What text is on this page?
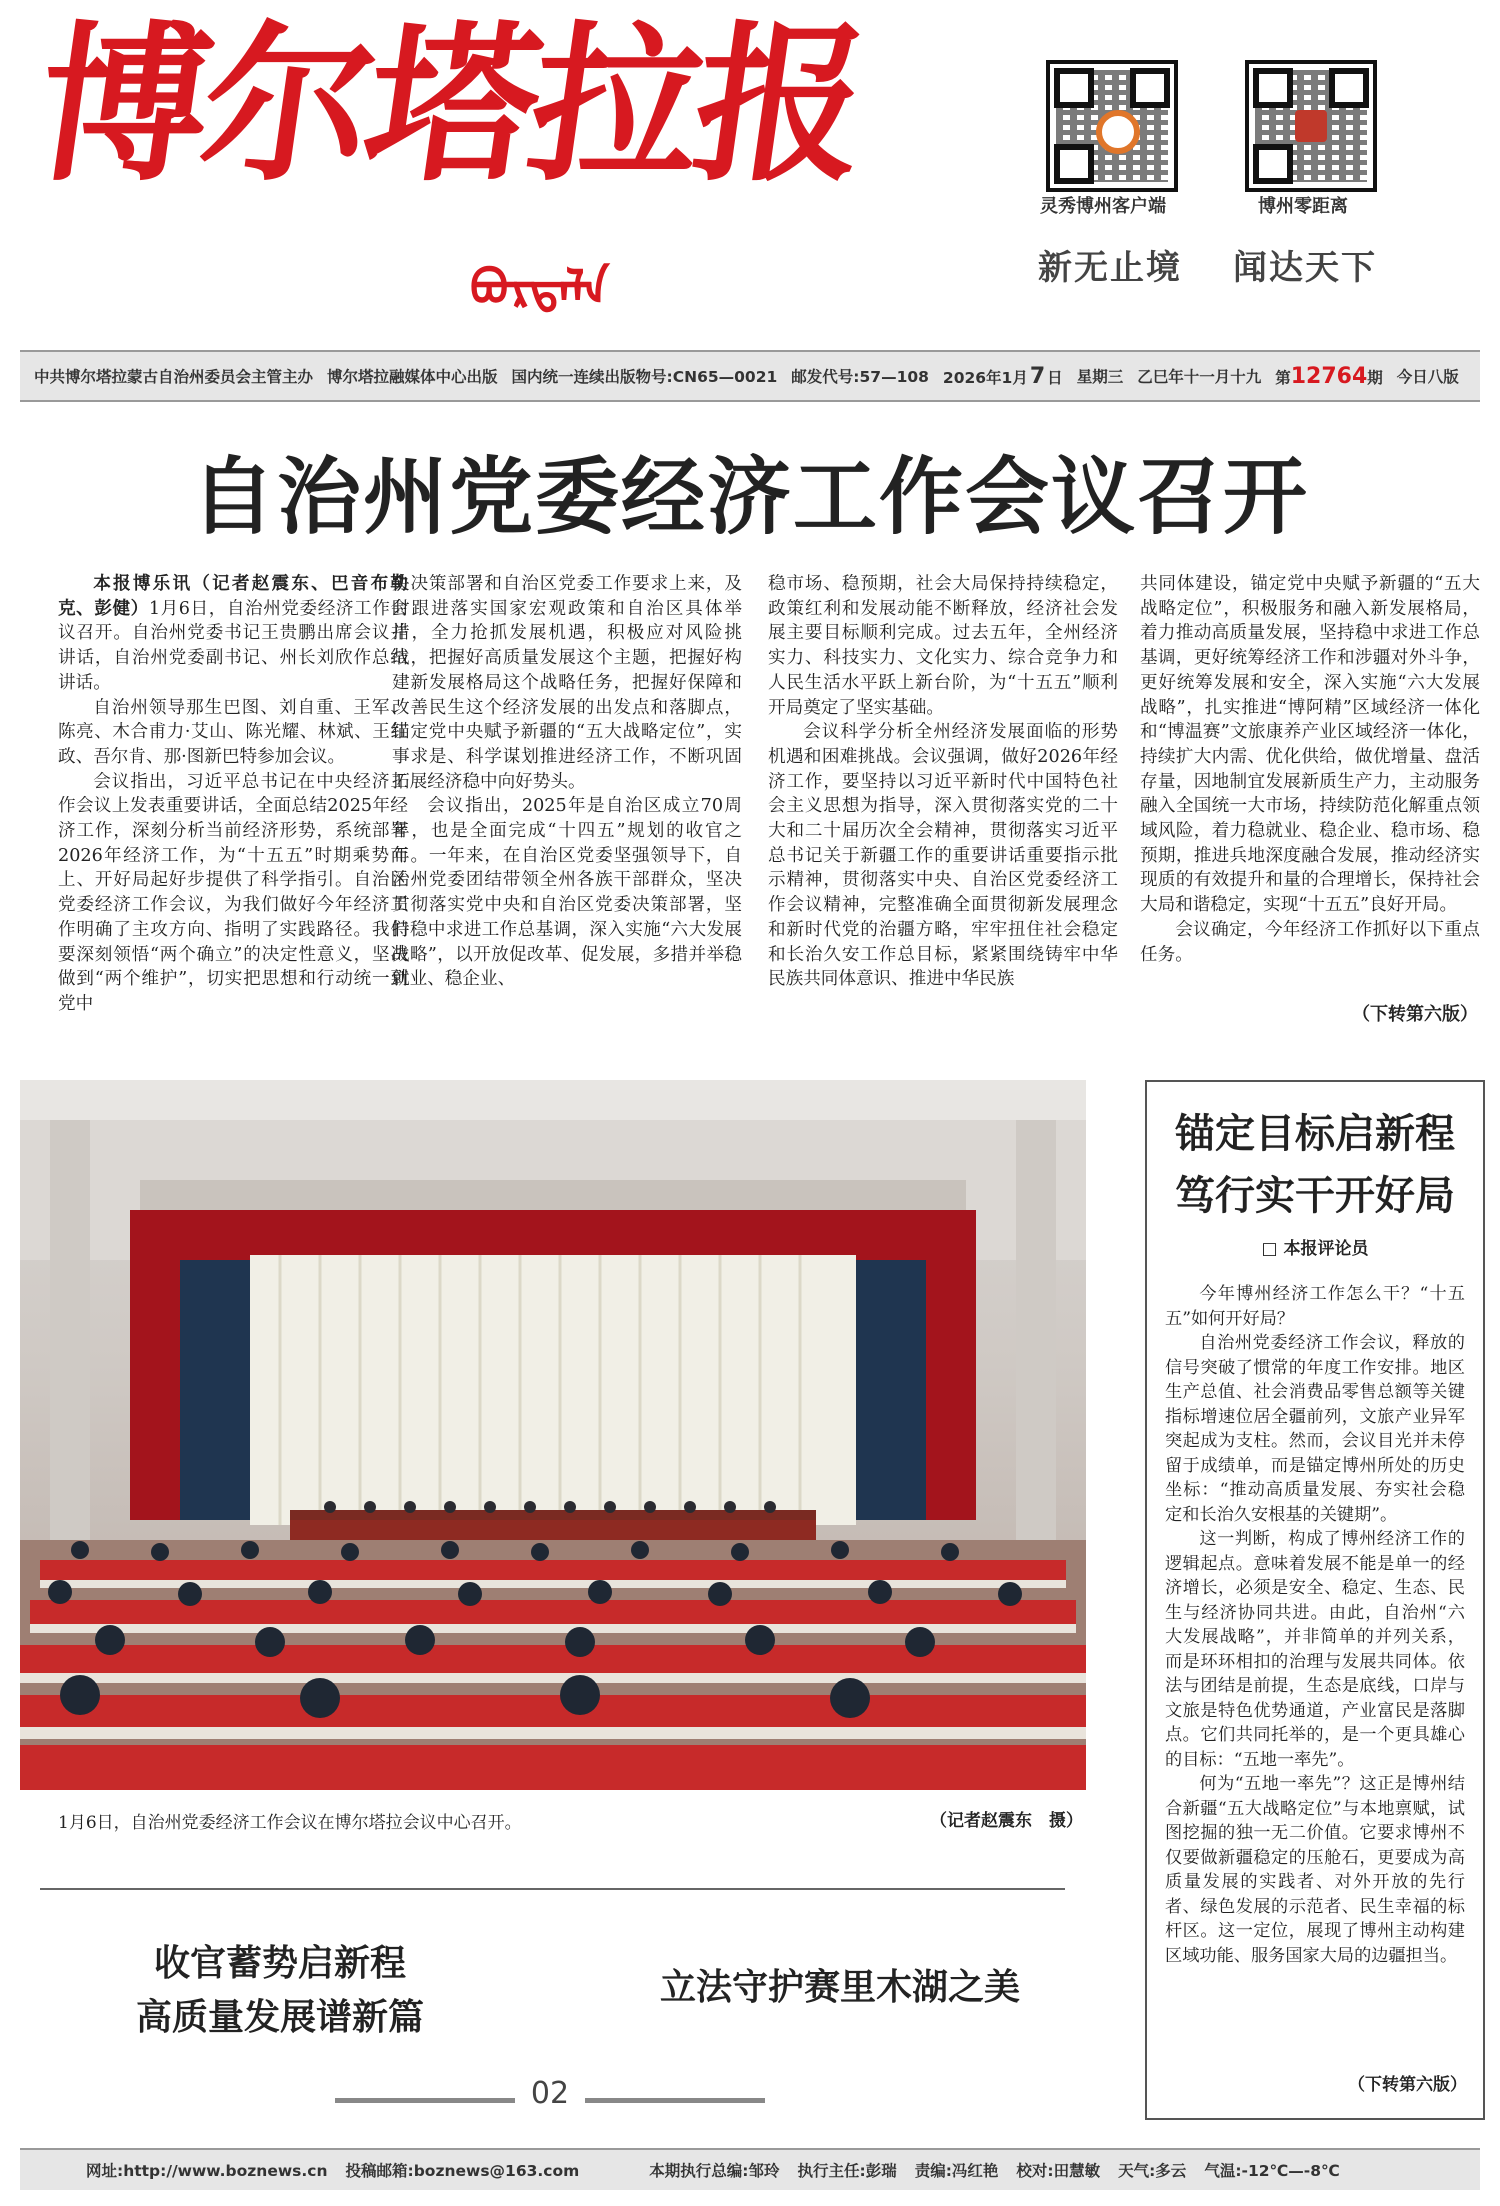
博尔塔拉报
ᠪᠣᠷᠲᠠᠯᠠ
灵秀博州客户端	博州零距离
新无止境 闻达天下
中共博尔塔拉蒙古自治州委员会主管主办 博尔塔拉融媒体中心出版 国内统一连续出版物号:CN65—0021 邮发代号:57—108 2026年1月7 日 星期三 乙巳年十一月十九 第12764期 今日八版
自治州党委经济工作会议召开

本报博乐讯（记者赵震东、巴音布勒克、彭健）1月6日，自治州党委经济工作会议召开。自治州党委书记王贵鹏出席会议并讲话，自治州党委副书记、州长刘欣作总结讲话。

自治州领导那生巴图、刘自重、王军、陈亮、木合甫力·艾山、陈光耀、林斌、王红政、吾尔肯、那·图新巴特参加会议。

会议指出，习近平总书记在中央经济工作会议上发表重要讲话，全面总结2025年经济工作，深刻分析当前经济形势，系统部署2026年经济工作，为“十五五”时期乘势而上、开好局起好步提供了科学指引。自治区党委经济工作会议，为我们做好今年经济工作明确了主攻方向、指明了实践路径。我们要深刻领悟“两个确立”的决定性意义，坚决做到“两个维护”，切实把思想和行动统一到党中

央决策部署和自治区党委工作要求上来，及时跟进落实国家宏观政策和自治区具体举措，全力抢抓发展机遇，积极应对风险挑战，把握好高质量发展这个主题，把握好构建新发展格局这个战略任务，把握好保障和改善民生这个经济发展的出发点和落脚点，锚定党中央赋予新疆的“五大战略定位”，实事求是、科学谋划推进经济工作，不断巩固拓展经济稳中向好势头。

会议指出，2025年是自治区成立70周年，也是全面完成“十四五”规划的收官之年。一年来，在自治区党委坚强领导下，自治州党委团结带领全州各族干部群众，坚决贯彻落实党中央和自治区党委决策部署，坚持稳中求进工作总基调，深入实施“六大发展战略”，以开放促改革、促发展，多措并举稳就业、稳企业、

稳市场、稳预期，社会大局保持持续稳定，政策红利和发展动能不断释放，经济社会发展主要目标顺利完成。过去五年，全州经济实力、科技实力、文化实力、综合竞争力和人民生活水平跃上新台阶，为“十五五”顺利开局奠定了坚实基础。

会议科学分析全州经济发展面临的形势机遇和困难挑战。会议强调，做好2026年经济工作，要坚持以习近平新时代中国特色社会主义思想为指导，深入贯彻落实党的二十大和二十届历次全会精神，贯彻落实习近平总书记关于新疆工作的重要讲话重要指示批示精神，贯彻落实中央、自治区党委经济工作会议精神，完整准确全面贯彻新发展理念和新时代党的治疆方略，牢牢扭住社会稳定和长治久安工作总目标，紧紧围绕铸牢中华民族共同体意识、推进中华民族

共同体建设，锚定党中央赋予新疆的“五大战略定位”，积极服务和融入新发展格局，着力推动高质量发展，坚持稳中求进工作总基调，更好统筹经济工作和涉疆对外斗争，更好统筹发展和安全，深入实施“六大发展战略”，扎实推进“博阿精”区域经济一体化和“博温赛”文旅康养产业区域经济一体化，持续扩大内需、优化供给，做优增量、盘活存量，因地制宜发展新质生产力，主动服务融入全国统一大市场，持续防范化解重点领域风险，着力稳就业、稳企业、稳市场、稳预期，推进兵地深度融合发展，推动经济实现质的有效提升和量的合理增长，保持社会大局和谐稳定，实现“十五五”良好开局。

会议确定，今年经济工作抓好以下重点任务。

（下转第六版）
1月6日，自治州党委经济工作会议在博尔塔拉会议中心召开。	（记者赵震东　摄）
锚定目标启新程
笃行实干开好局
□ 本报评论员

今年博州经济工作怎么干？“十五五”如何开好局？

自治州党委经济工作会议，释放的信号突破了惯常的年度工作安排。地区生产总值、社会消费品零售总额等关键指标增速位居全疆前列，文旅产业异军突起成为支柱。然而，会议目光并未停留于成绩单，而是锚定博州所处的历史坐标：“推动高质量发展、夯实社会稳定和长治久安根基的关键期”。

这一判断，构成了博州经济工作的逻辑起点。意味着发展不能是单一的经济增长，必须是安全、稳定、生态、民生与经济协同共进。由此，自治州“六大发展战略”，并非简单的并列关系，而是环环相扣的治理与发展共同体。依法与团结是前提，生态是底线，口岸与文旅是特色优势通道，产业富民是落脚点。它们共同托举的，是一个更具雄心的目标：“五地一率先”。

何为“五地一率先”？这正是博州结合新疆“五大战略定位”与本地禀赋，试图挖掘的独一无二价值。它要求博州不仅要做新疆稳定的压舱石，更要成为高质量发展的实践者、对外开放的先行者、绿色发展的示范者、民生幸福的标杆区。这一定位，展现了博州主动构建区域功能、服务国家大局的边疆担当。

（下转第六版）
收官蓄势启新程
高质量发展谱新篇
立法守护赛里木湖之美
02
网址:http://www.boznews.cn 投稿邮箱:boznews@163.com	本期执行总编:邹玲 执行主任:彭瑞 责编:冯红艳 校对:田慧敏 天气:多云 气温:-12℃—-8℃
